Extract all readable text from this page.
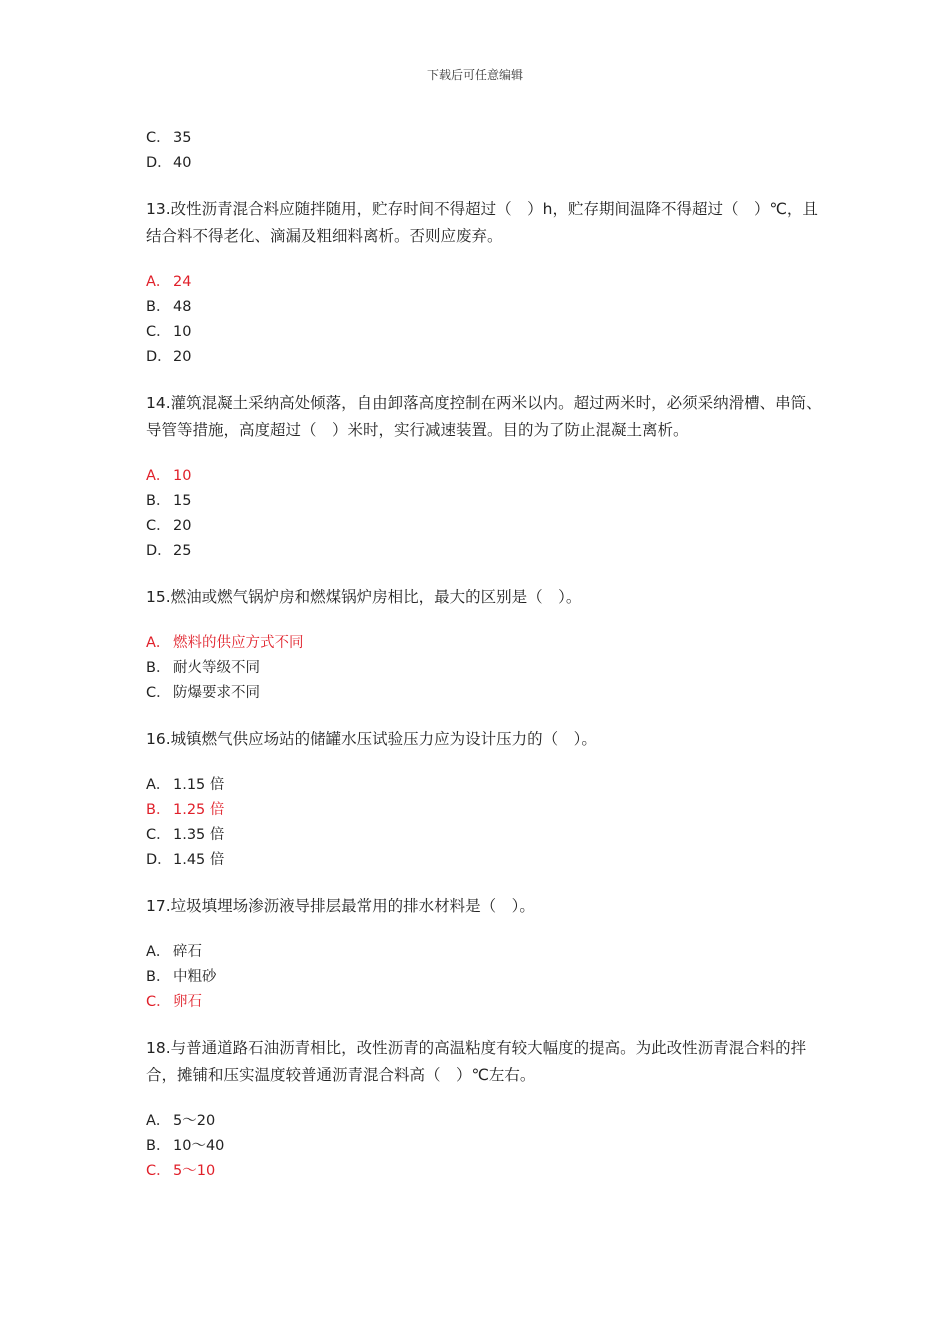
下载后可任意编辑
C． 35
D．40
13.改性沥青混合料应随拌随用，贮存时间不得超过（　）h，贮存期间温降不得超过（　）℃，且结合料不得老化、滴漏及粗细料离析。否则应废弃。
A． 24
B． 48
C． 10
D．20
14.灌筑混凝土采纳高处倾落，自由卸落高度控制在两米以内。超过两米时，必须采纳滑槽、串筒、导管等措施，高度超过（　）米时，实行减速装置。目的为了防止混凝土离析。
A． 10
B． 15
C． 20
D．25
15.燃油或燃气锅炉房和燃煤锅炉房相比，最大的区别是（　）。
A． 燃料的供应方式不同
B． 耐火等级不同
C． 防爆要求不同
16.城镇燃气供应场站的储罐水压试验压力应为设计压力的（　）。
A． 1.15 倍
B． 1.25 倍
C． 1.35 倍
D．1.45 倍
17.垃圾填埋场渗沥液导排层最常用的排水材料是（　）。
A． 碎石
B． 中粗砂
C． 卵石
18.与普通道路石油沥青相比，改性沥青的高温粘度有较大幅度的提高。为此改性沥青混合料的拌合，摊铺和压实温度较普通沥青混合料高（　）℃左右。
A． 5～20
B． 10～40
C． 5～10
